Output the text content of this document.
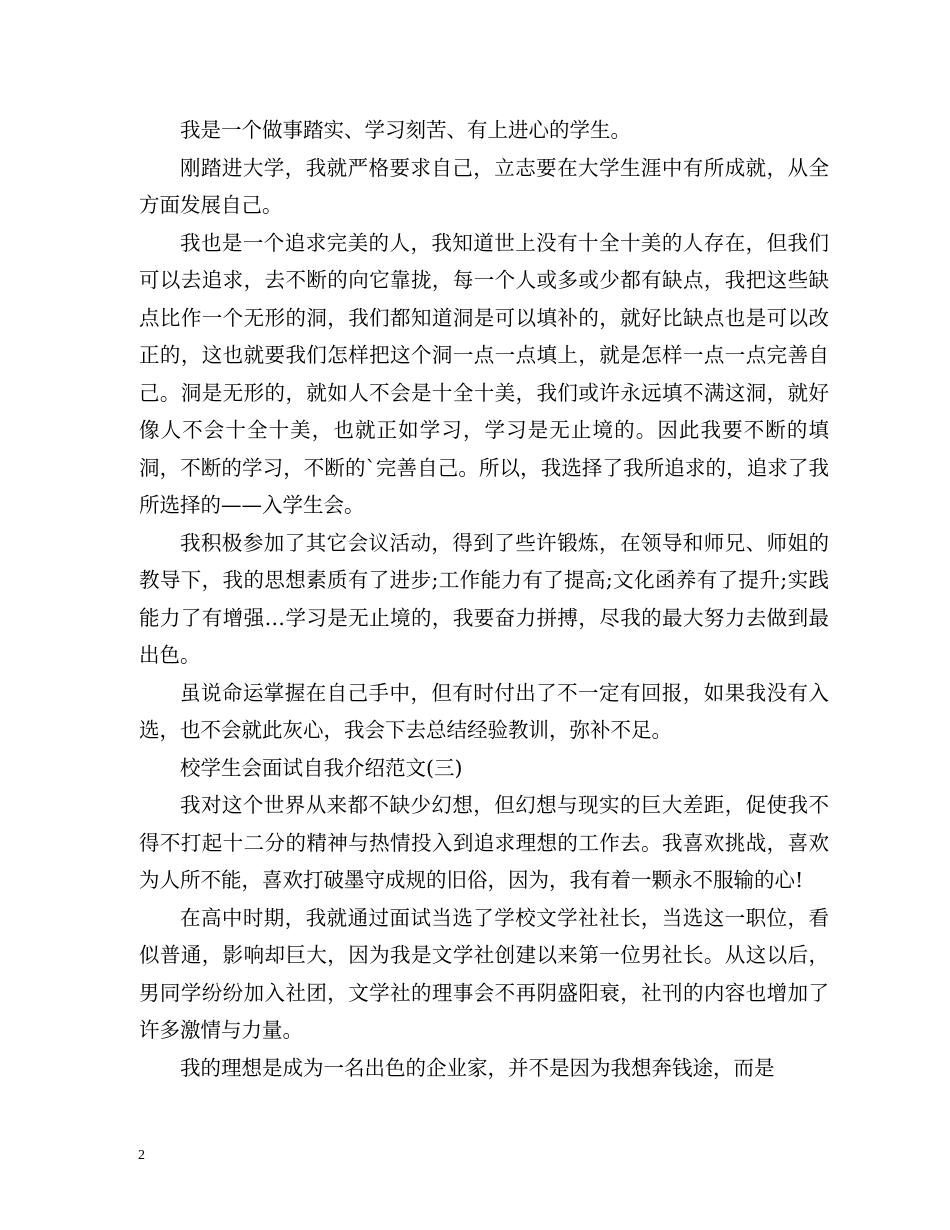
我是一个做事踏实、学习刻苦、有上进心的学生。

刚踏进大学，我就严格要求自己，立志要在大学生涯中有所成就，从全方面发展自己。

我也是一个追求完美的人，我知道世上没有十全十美的人存在，但我们可以去追求，去不断的向它靠拢，每一个人或多或少都有缺点，我把这些缺点比作一个无形的洞，我们都知道洞是可以填补的，就好比缺点也是可以改正的，这也就要我们怎样把这个洞一点一点填上，就是怎样一点一点完善自己。洞是无形的，就如人不会是十全十美，我们或许永远填不满这洞，就好像人不会十全十美，也就正如学习，学习是无止境的。因此我要不断的填洞，不断的学习，不断的`完善自己。所以，我选择了我所追求的，追求了我所选择的——入学生会。

我积极参加了其它会议活动，得到了些许锻炼，在领导和师兄、师姐的教导下，我的思想素质有了进步;工作能力有了提高;文化函养有了提升;实践能力了有增强…学习是无止境的，我要奋力拼搏，尽我的最大努力去做到最出色。

虽说命运掌握在自己手中，但有时付出了不一定有回报，如果我没有入选，也不会就此灰心，我会下去总结经验教训，弥补不足。

校学生会面试自我介绍范文(三)

我对这个世界从来都不缺少幻想，但幻想与现实的巨大差距，促使我不得不打起十二分的精神与热情投入到追求理想的工作去。我喜欢挑战，喜欢为人所不能，喜欢打破墨守成规的旧俗，因为，我有着一颗永不服输的心!

在高中时期，我就通过面试当选了学校文学社社长，当选这一职位，看似普通，影响却巨大，因为我是文学社创建以来第一位男社长。从这以后，男同学纷纷加入社团，文学社的理事会不再阴盛阳衰，社刊的内容也增加了许多激情与力量。

我的理想是成为一名出色的企业家，并不是因为我想奔钱途，而是

2
